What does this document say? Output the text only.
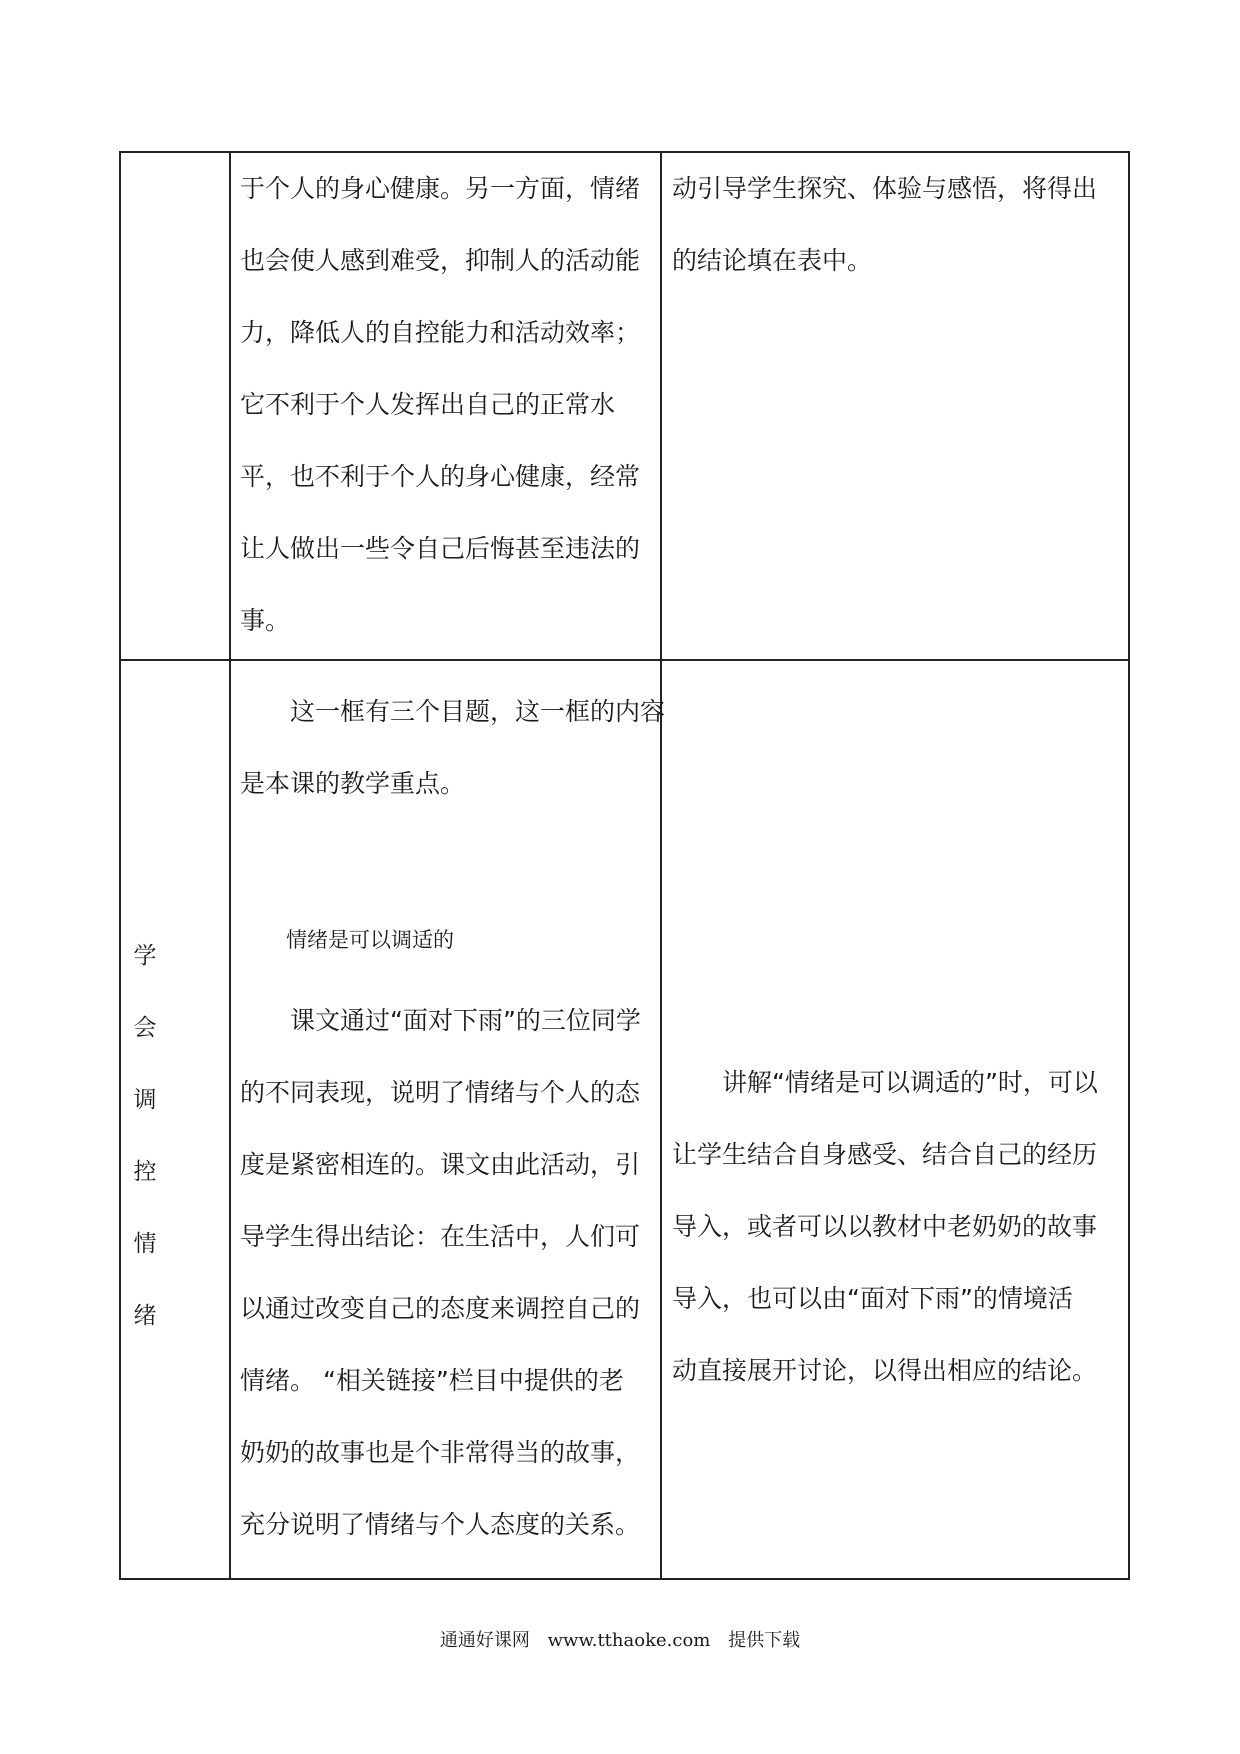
于个人的身心健康。另一方面，情绪
也会使人感到难受，抑制人的活动能
力，降低人的自控能力和活动效率；
它不利于个人发挥出自己的正常水
平，也不利于个人的身心健康，经常
让人做出一些令自己后悔甚至违法的
事。
动引导学生探究、体验与感悟，将得出
的结论填在表中。
学
会
调
控
情
绪
这一框有三个目题，这一框的内容
是本课的教学重点。
情绪是可以调适的
课文通过“面对下雨”的三位同学
的不同表现，说明了情绪与个人的态
度是紧密相连的。课文由此活动，引
导学生得出结论：在生活中，人们可
以通过改变自己的态度来调控自己的
情绪。 “相关链接”栏目中提供的老
奶奶的故事也是个非常得当的故事，
充分说明了情绪与个人态度的关系。
讲解“情绪是可以调适的”时，可以
让学生结合自身感受、结合自己的经历
导入，或者可以以教材中老奶奶的故事
导入，也可以由“面对下雨”的情境活
动直接展开讨论，以得出相应的结论。
通通好课网 www.tthaoke.com 提供下载
